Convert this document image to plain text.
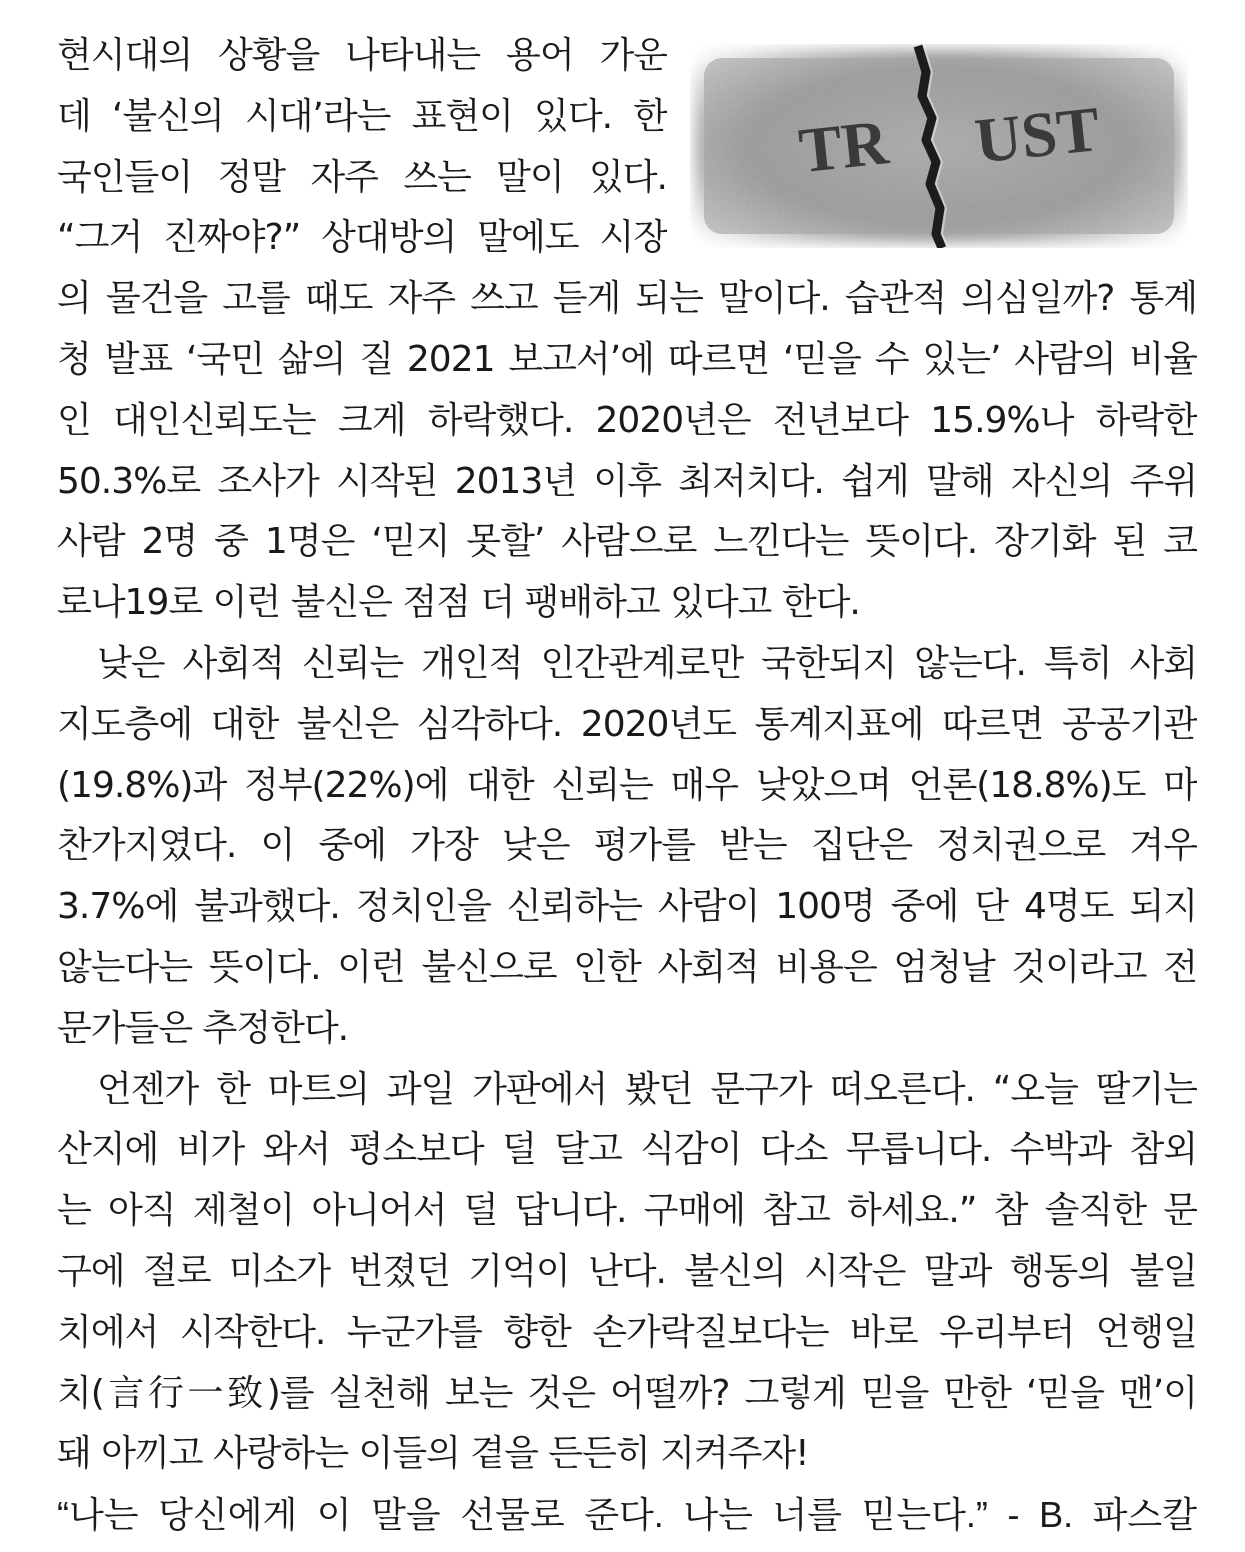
TR UST
현시대의 상황을 나타내는 용어 가운
데 ‘불신의 시대’라는 표현이 있다. 한
국인들이 정말 자주 쓰는 말이 있다.
“그거 진짜야?” 상대방의 말에도 시장
의 물건을 고를 때도 자주 쓰고 듣게 되는 말이다. 습관적 의심일까? 통계
청 발표 ‘국민 삶의 질 2021 보고서’에 따르면 ‘믿을 수 있는’ 사람의 비율
인 대인신뢰도는 크게 하락했다. 2020년은 전년보다 15.9%나 하락한
50.3%로 조사가 시작된 2013년 이후 최저치다. 쉽게 말해 자신의 주위
사람 2명 중 1명은 ‘믿지 못할’ 사람으로 느낀다는 뜻이다. 장기화 된 코
로나19로 이런 불신은 점점 더 팽배하고 있다고 한다.
낮은 사회적 신뢰는 개인적 인간관계로만 국한되지 않는다. 특히 사회
지도층에 대한 불신은 심각하다. 2020년도 통계지표에 따르면 공공기관
(19.8%)과 정부(22%)에 대한 신뢰는 매우 낮았으며 언론(18.8%)도 마
찬가지였다. 이 중에 가장 낮은 평가를 받는 집단은 정치권으로 겨우
3.7%에 불과했다. 정치인을 신뢰하는 사람이 100명 중에 단 4명도 되지
않는다는 뜻이다. 이런 불신으로 인한 사회적 비용은 엄청날 것이라고 전
문가들은 추정한다.
언젠가 한 마트의 과일 가판에서 봤던 문구가 떠오른다. “오늘 딸기는
산지에 비가 와서 평소보다 덜 달고 식감이 다소 무릅니다. 수박과 참외
는 아직 제철이 아니어서 덜 답니다. 구매에 참고 하세요.” 참 솔직한 문
구에 절로 미소가 번졌던 기억이 난다. 불신의 시작은 말과 행동의 불일
치에서 시작한다. 누군가를 향한 손가락질보다는 바로 우리부터 언행일
치(言行一致)를 실천해 보는 것은 어떨까? 그렇게 믿을 만한 ‘믿을 맨’이
돼 아끼고 사랑하는 이들의 곁을 든든히 지켜주자!
“나는 당신에게 이 말을 선물로 준다. 나는 너를 믿는다.” - B. 파스칼
